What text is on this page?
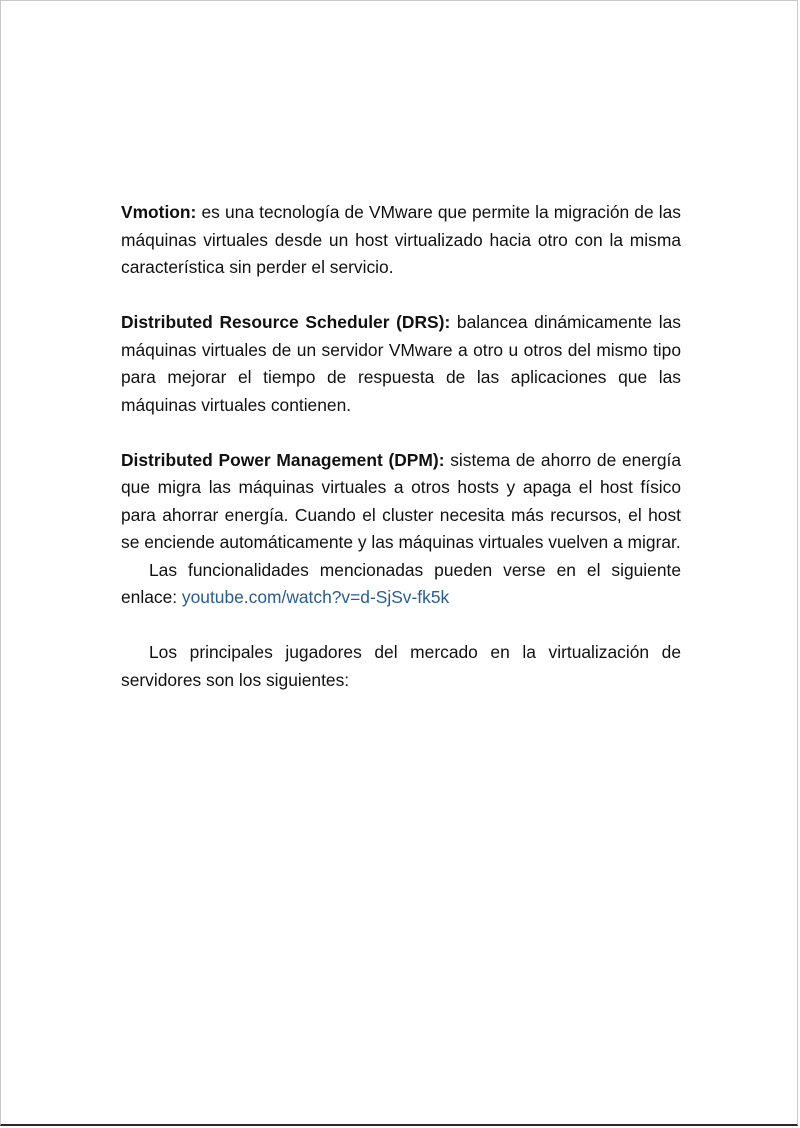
Vmotion: es una tecnología de VMware que permite la migración de las máquinas virtuales desde un host virtualizado hacia otro con la misma característica sin perder el servicio.

Distributed Resource Scheduler (DRS): balancea dinámicamente las máquinas virtuales de un servidor VMware a otro u otros del mismo tipo para mejorar el tiempo de respuesta de las aplicaciones que las máquinas virtuales contienen.

Distributed Power Management (DPM): sistema de ahorro de energía que migra las máquinas virtuales a otros hosts y apaga el host físico para ahorrar energía. Cuando el cluster necesita más recursos, el host se enciende automáticamente y las máquinas virtuales vuelven a migrar.

Las funcionalidades mencionadas pueden verse en el siguiente enlace: youtube.com/watch?v=d-SjSv-fk5k

Los principales jugadores del mercado en la virtualización de servidores son los siguientes:
